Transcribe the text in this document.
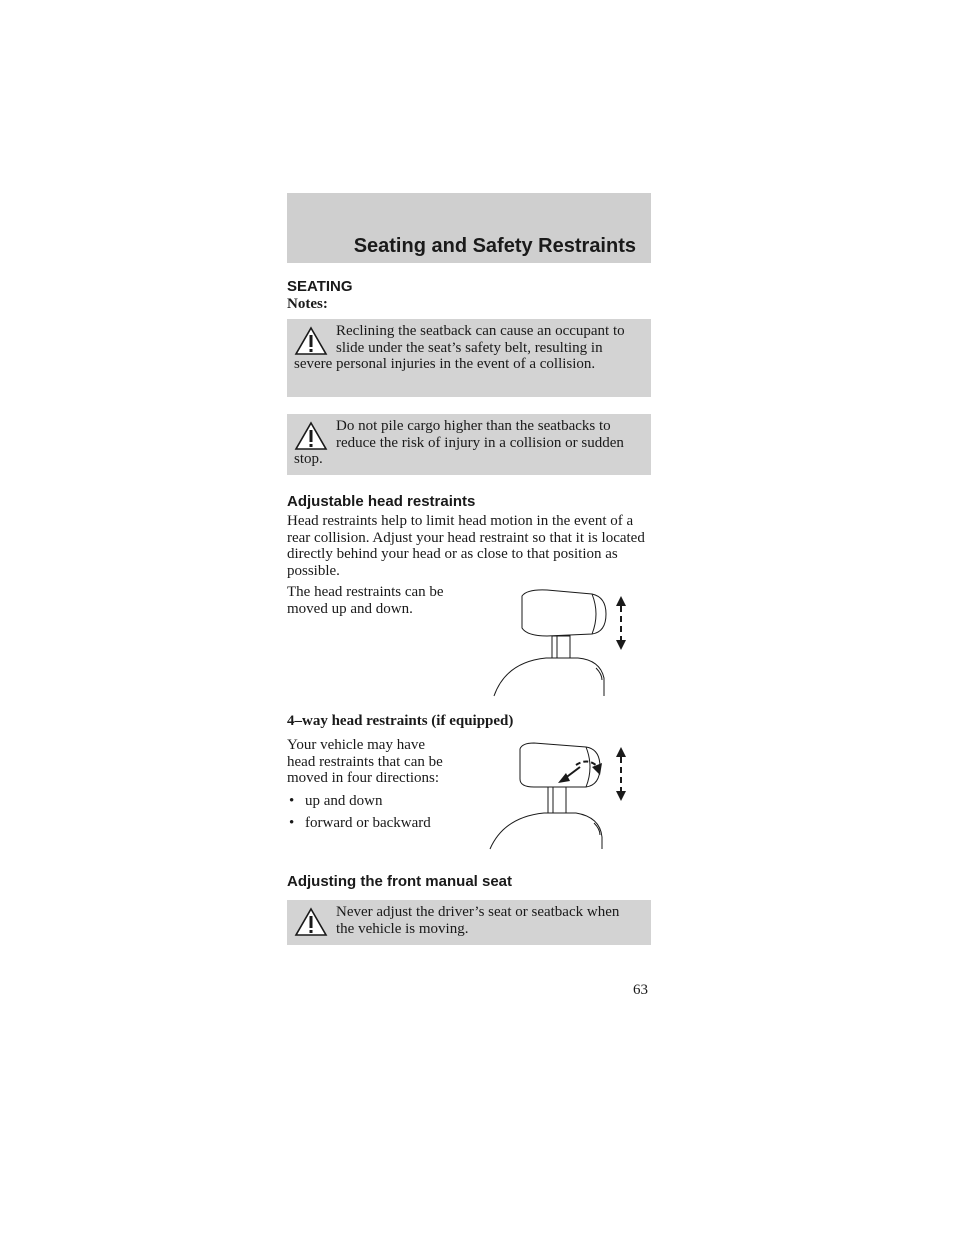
Seating and Safety Restraints
SEATING
Notes:
Reclining the seatback can cause an occupant to slide under the seat’s safety belt, resulting in severe personal injuries in the event of a collision.
Do not pile cargo higher than the seatbacks to reduce the risk of injury in a collision or sudden stop.
Adjustable head restraints

Head restraints help to limit head motion in the event of a rear collision. Adjust your head restraint so that it is located directly behind your head or as close to that position as possible.

The head restraints can be moved up and down.

4–way head restraints (if equipped)

Your vehicle may have head restraints that can be moved in four directions:

• up and down
• forward or backward
Adjusting the front manual seat
Never adjust the driver’s seat or seatback when the vehicle is moving.
63
